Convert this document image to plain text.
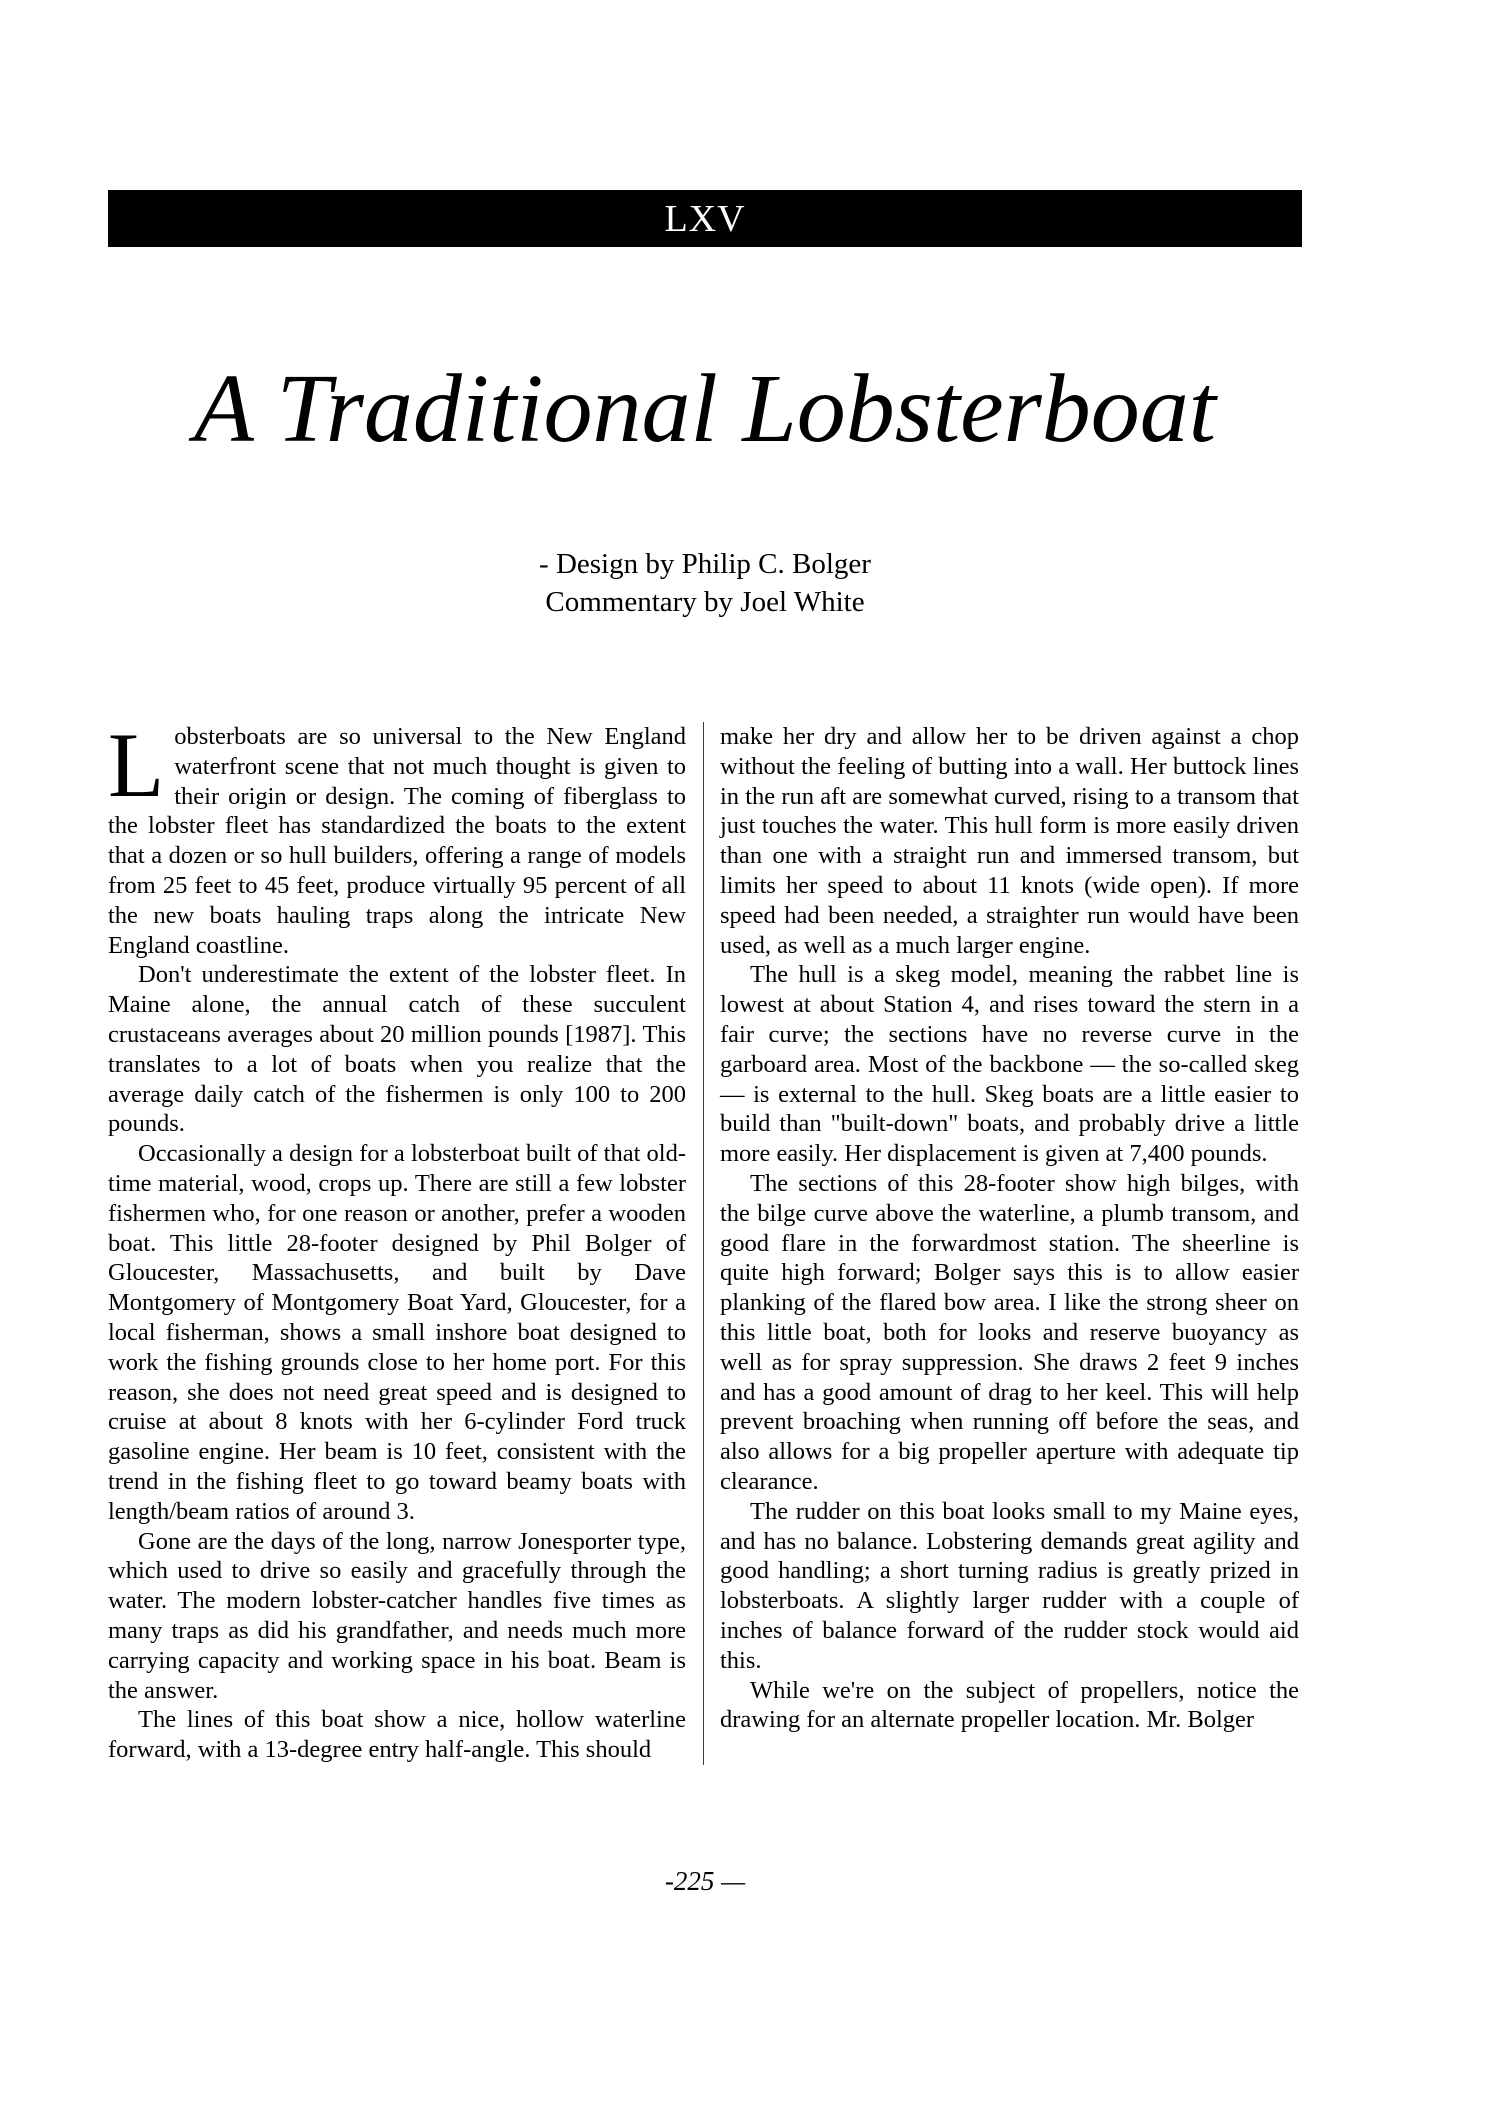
LXV
A Traditional Lobsterboat
- Design by Philip C. Bolger
Commentary by Joel White

Lobsterboats are so universal to the New England waterfront scene that not much thought is given to their origin or design. The coming of fiberglass to the lobster fleet has standardized the boats to the extent that a dozen or so hull builders, offering a range of models from 25 feet to 45 feet, produce virtually 95 percent of all the new boats hauling traps along the intricate New England coastline.

Don't underestimate the extent of the lobster fleet. In Maine alone, the annual catch of these succulent crustaceans averages about 20 million pounds [1987]. This translates to a lot of boats when you realize that the average daily catch of the fishermen is only 100 to 200 pounds.

Occasionally a design for a lobsterboat built of that old-time material, wood, crops up. There are still a few lobster fishermen who, for one reason or another, prefer a wooden boat. This little 28-footer designed by Phil Bolger of Gloucester, Massachusetts, and built by Dave Montgomery of Montgomery Boat Yard, Gloucester, for a local fisherman, shows a small inshore boat designed to work the fishing grounds close to her home port. For this reason, she does not need great speed and is designed to cruise at about 8 knots with her 6-cylinder Ford truck gasoline engine. Her beam is 10 feet, consistent with the trend in the fishing fleet to go toward beamy boats with length/beam ratios of around 3.

Gone are the days of the long, narrow Jonesporter type, which used to drive so easily and gracefully through the water. The modern lobster-catcher handles five times as many traps as did his grandfather, and needs much more carrying capacity and working space in his boat. Beam is the answer.

The lines of this boat show a nice, hollow waterline forward, with a 13-degree entry half-angle. This should

make her dry and allow her to be driven against a chop without the feeling of butting into a wall. Her buttock lines in the run aft are somewhat curved, rising to a transom that just touches the water. This hull form is more easily driven than one with a straight run and immersed transom, but limits her speed to about 11 knots (wide open). If more speed had been needed, a straighter run would have been used, as well as a much larger engine.

The hull is a skeg model, meaning the rabbet line is lowest at about Station 4, and rises toward the stern in a fair curve; the sections have no reverse curve in the garboard area. Most of the backbone — the so-called skeg — is external to the hull. Skeg boats are a little easier to build than "built-down" boats, and probably drive a little more easily. Her displacement is given at 7,400 pounds.

The sections of this 28-footer show high bilges, with the bilge curve above the waterline, a plumb transom, and good flare in the forwardmost station. The sheerline is quite high forward; Bolger says this is to allow easier planking of the flared bow area. I like the strong sheer on this little boat, both for looks and reserve buoyancy as well as for spray suppression. She draws 2 feet 9 inches and has a good amount of drag to her keel. This will help prevent broaching when running off before the seas, and also allows for a big propeller aperture with adequate tip clearance.

The rudder on this boat looks small to my Maine eyes, and has no balance. Lobstering demands great agility and good handling; a short turning radius is greatly prized in lobsterboats. A slightly larger rudder with a couple of inches of balance forward of the rudder stock would aid this.

While we're on the subject of propellers, notice the drawing for an alternate propeller location. Mr. Bolger

-225 —
